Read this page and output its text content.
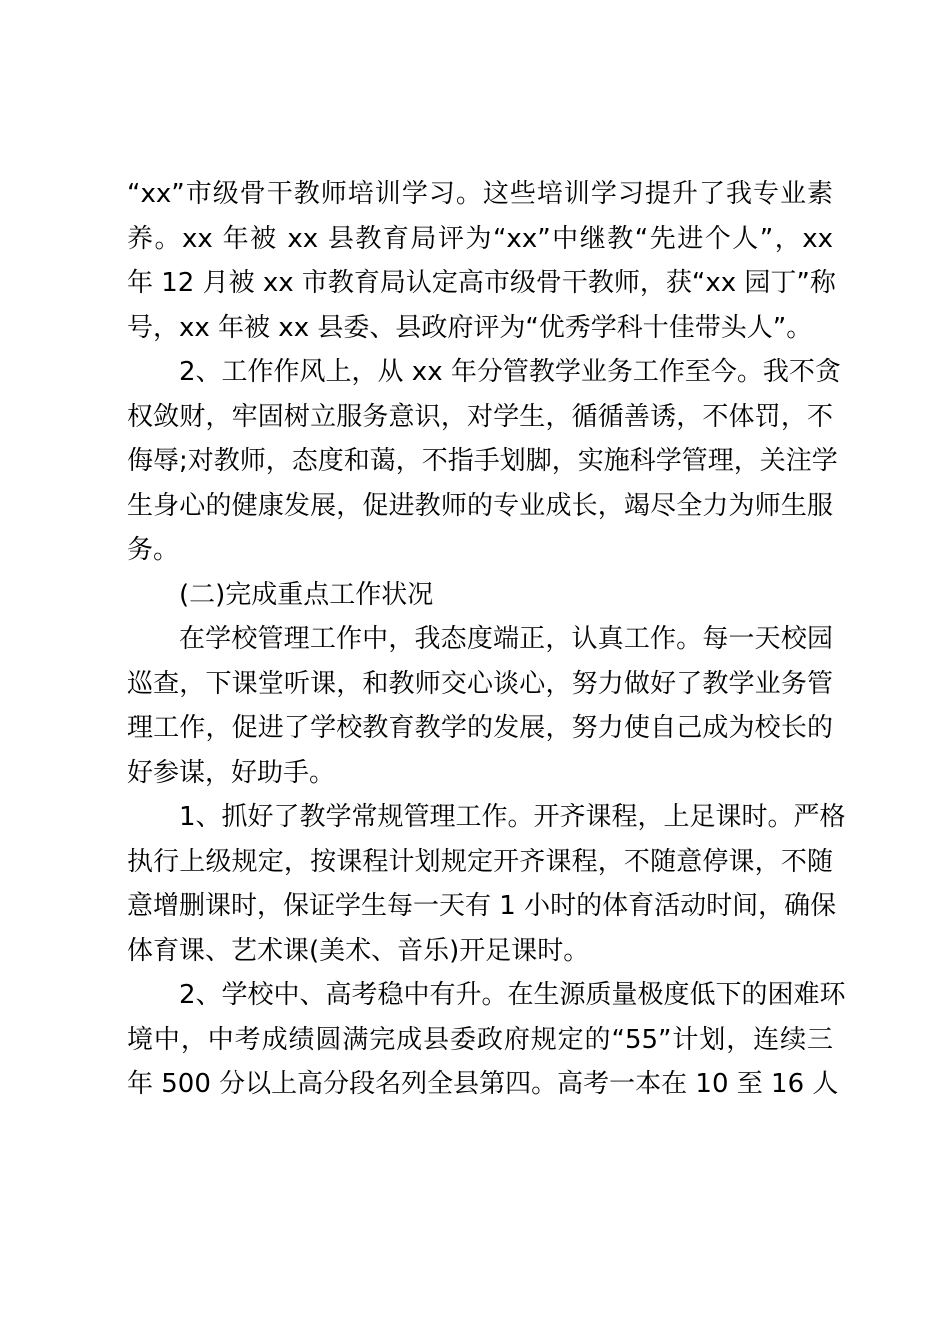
“xx”市级骨干教师培训学习。这些培训学习提升了我专业素
养。xx 年被 xx 县教育局评为“xx”中继教“先进个人”，xx
年 12 月被 xx 市教育局认定高市级骨干教师，获“xx 园丁”称
号，xx 年被 xx 县委、县政府评为“优秀学科十佳带头人”。
2、工作作风上，从 xx 年分管教学业务工作至今。我不贪
权敛财，牢固树立服务意识，对学生，循循善诱，不体罚，不
侮辱;对教师，态度和蔼，不指手划脚，实施科学管理，关注学
生身心的健康发展，促进教师的专业成长，竭尽全力为师生服
务。
(二)完成重点工作状况
在学校管理工作中，我态度端正，认真工作。每一天校园
巡查，下课堂听课，和教师交心谈心，努力做好了教学业务管
理工作，促进了学校教育教学的发展，努力使自己成为校长的
好参谋，好助手。
1、抓好了教学常规管理工作。开齐课程，上足课时。严格
执行上级规定，按课程计划规定开齐课程，不随意停课，不随
意增删课时，保证学生每一天有 1 小时的体育活动时间，确保
体育课、艺术课(美术、音乐)开足课时。
2、学校中、高考稳中有升。在生源质量极度低下的困难环
境中，中考成绩圆满完成县委政府规定的“55”计划，连续三
年 500 分以上高分段名列全县第四。高考一本在 10 至 16 人
